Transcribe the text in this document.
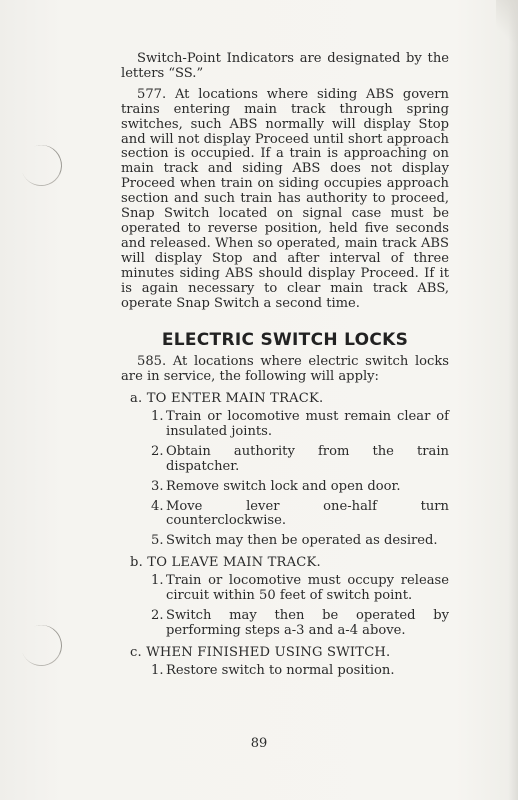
Switch-Point Indicators are designated by the letters “SS.”

577. At locations where siding ABS govern trains entering main track through spring switches, such ABS normally will display Stop and will not display Proceed until short approach section is occupied. If a train is approaching on main track and siding ABS does not display Proceed when train on siding occupies approach section and such train has authority to proceed, Snap Switch located on signal case must be operated to reverse position, held five seconds and released. When so operated, main track ABS will display Stop and after interval of three minutes siding ABS should display Proceed. If it is again necessary to clear main track ABS, operate Snap Switch a second time.

ELECTRIC SWITCH LOCKS

585. At locations where electric switch locks are in service, the following will apply:

a. TO ENTER MAIN TRACK.
1. Train or locomotive must remain clear of insulated joints.
2. Obtain authority from the train dispatcher.
3. Remove switch lock and open door.
4. Move lever one-half turn counterclockwise.
5. Switch may then be operated as desired.
b. TO LEAVE MAIN TRACK.
1. Train or locomotive must occupy release circuit within 50 feet of switch point.
2. Switch may then be operated by performing steps a-3 and a-4 above.
c. WHEN FINISHED USING SWITCH.
1. Restore switch to normal position.
89
